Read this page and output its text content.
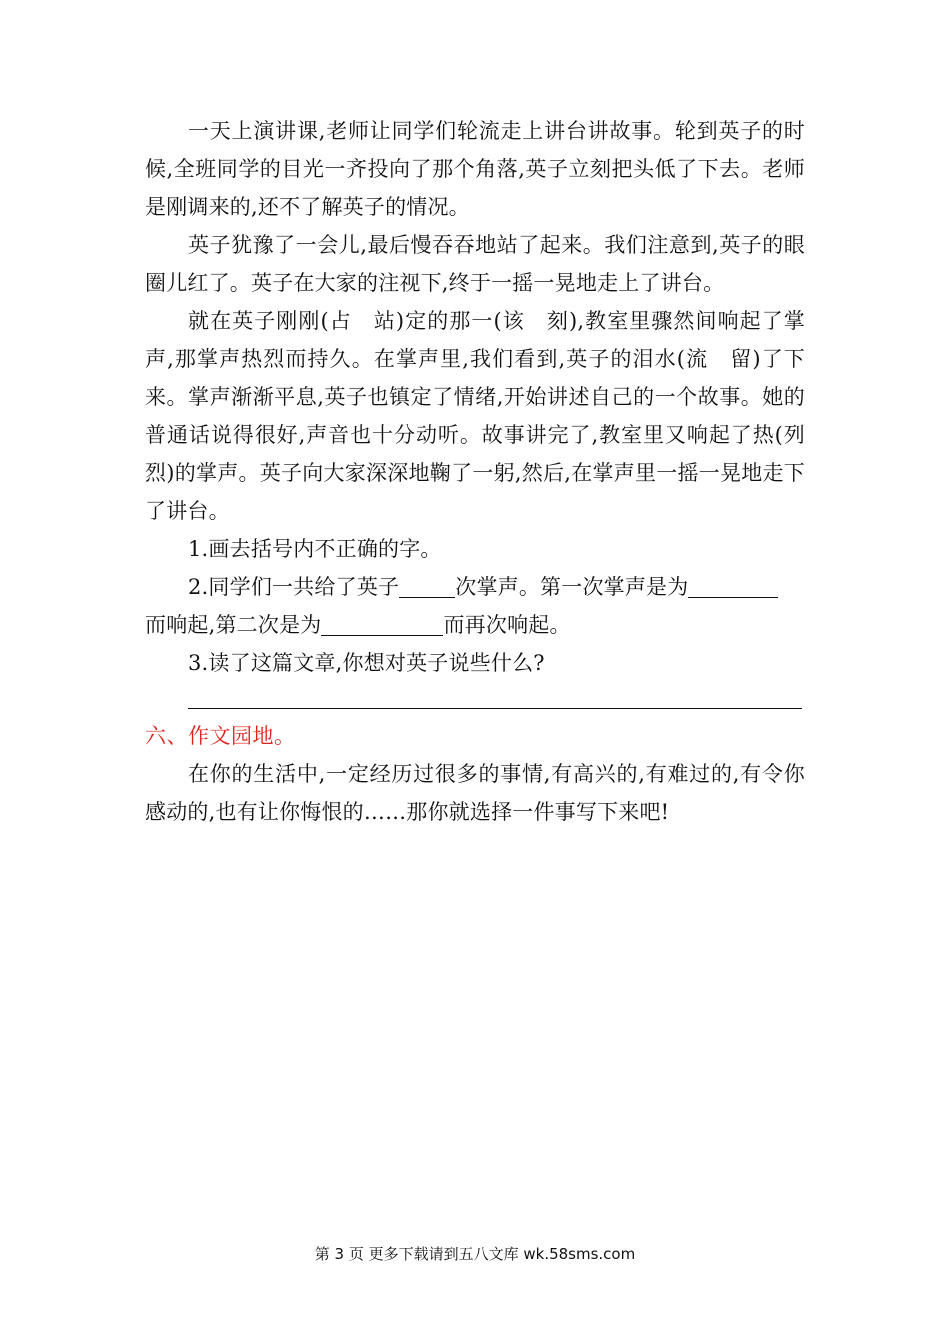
一天上演讲课,老师让同学们轮流走上讲台讲故事。轮到英子的时候,全班同学的目光一齐投向了那个角落,英子立刻把头低了下去。老师是刚调来的,还不了解英子的情况。

英子犹豫了一会儿,最后慢吞吞地站了起来。我们注意到,英子的眼圈儿红了。英子在大家的注视下,终于一摇一晃地走上了讲台。

就在英子刚刚(占　站)定的那一(该　刻),教室里骤然间响起了掌声,那掌声热烈而持久。在掌声里,我们看到,英子的泪水(流　留)了下来。掌声渐渐平息,英子也镇定了情绪,开始讲述自己的一个故事。她的普通话说得很好,声音也十分动听。故事讲完了,教室里又响起了热(列　烈)的掌声。英子向大家深深地鞠了一躬,然后,在掌声里一摇一晃地走下了讲台。

1.画去括号内不正确的字。

2.同学们一共给了英子	次掌声。第一次掌声是为

而响起,第二次是为	而再次响起。

3.读了这篇文章,你想对英子说些什么?

六、作文园地。

在你的生活中,一定经历过很多的事情,有高兴的,有难过的,有令你感动的,也有让你悔恨的……那你就选择一件事写下来吧!

第 3 页 更多下载请到五八文库 wk.58sms.com
